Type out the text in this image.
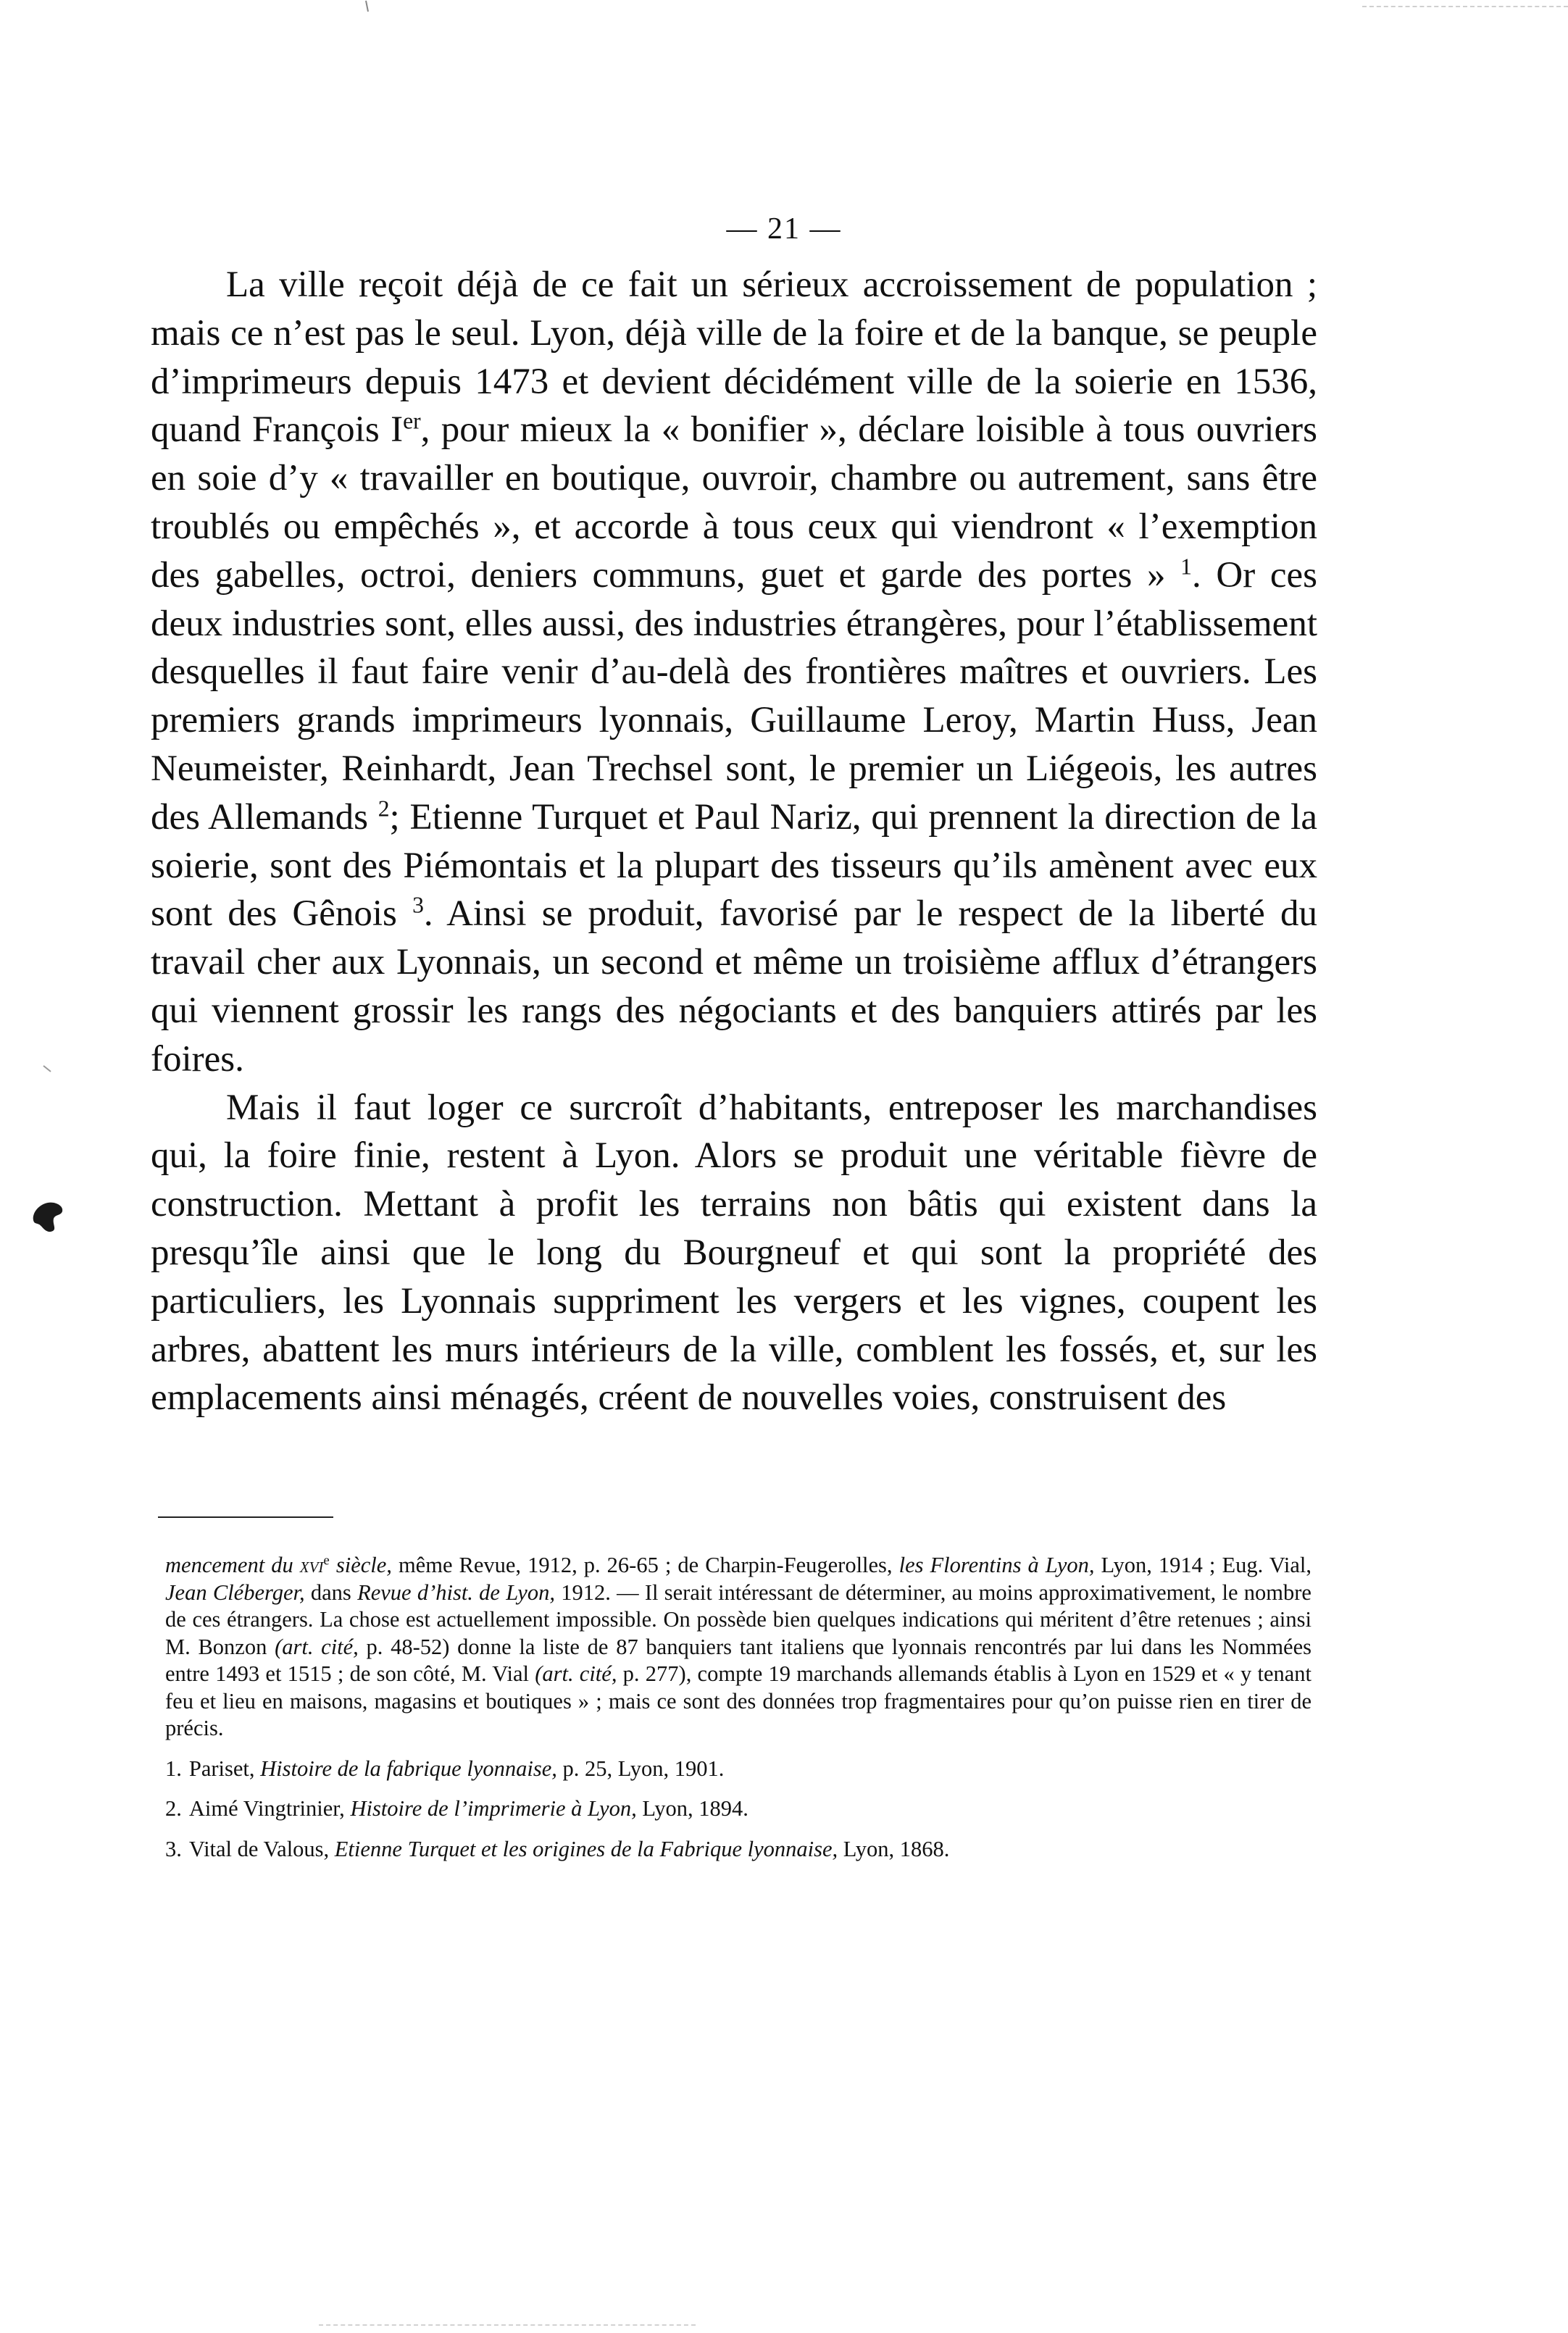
— 21 —

La ville reçoit déjà de ce fait un sérieux accroissement de population ; mais ce n’est pas le seul. Lyon, déjà ville de la foire et de la banque, se peuple d’imprimeurs depuis 1473 et devient décidément ville de la soierie en 1536, quand François Ier, pour mieux la « bonifier », déclare loisible à tous ouvriers en soie d’y « travailler en boutique, ouvroir, chambre ou autrement, sans être troublés ou empêchés », et accorde à tous ceux qui viendront « l’exemption des gabelles, octroi, deniers communs, guet et garde des portes » $^1$. Or ces deux industries sont, elles aussi, des industries étrangères, pour l’établissement desquelles il faut faire venir d’au-delà des frontières maîtres et ouvriers. Les premiers grands imprimeurs lyonnais, Guillaume Leroy, Martin Huss, Jean Neumeister, Reinhardt, Jean Trechsel sont, le premier un Liégeois, les autres des Allemands $^2$; Etienne Turquet et Paul Nariz, qui prennent la direction de la soierie, sont des Piémontais et la plupart des tisseurs qu’ils amènent avec eux sont des Gênois $^3$. Ainsi se produit, favorisé par le respect de la liberté du travail cher aux Lyonnais, un second et même un troisième afflux d’étrangers qui viennent grossir les rangs des négociants et des banquiers attirés par les foires.

Mais il faut loger ce surcroît d’habitants, entreposer les marchandises qui, la foire finie, restent à Lyon. Alors se produit une véritable fièvre de construction. Mettant à profit les terrains non bâtis qui existent dans la presqu’île ainsi que le long du Bourgneuf et qui sont la propriété des particuliers, les Lyonnais suppriment les vergers et les vignes, coupent les arbres, abattent les murs intérieurs de la ville, comblent les fossés, et, sur les emplacements ainsi ménagés, créent de nouvelles voies, construisent des

mencement du xvi$^e$ siècle, même Revue, 1912, p. 26-65 ; de Charpin-Feugerolles, les Florentins à Lyon, Lyon, 1914 ; Eug. Vial, Jean Cléberger, dans Revue d’hist. de Lyon, 1912. — Il serait intéressant de déterminer, au moins approximativement, le nombre de ces étrangers. La chose est actuellement impossible. On possède bien quelques indications qui méritent d’être retenues ; ainsi M. Bonzon (art. cité, p. 48-52) donne la liste de 87 banquiers tant italiens que lyonnais rencontrés par lui dans les Nommées entre 1493 et 1515 ; de son côté, M. Vial (art. cité, p. 277), compte 19 marchands allemands établis à Lyon en 1529 et « y tenant feu et lieu en maisons, magasins et boutiques » ; mais ce sont des données trop fragmentaires pour qu’on puisse rien en tirer de précis.

1. Pariset, Histoire de la fabrique lyonnaise, p. 25, Lyon, 1901.

2. Aimé Vingtrinier, Histoire de l’imprimerie à Lyon, Lyon, 1894.

3. Vital de Valous, Etienne Turquet et les origines de la Fabrique lyonnaise, Lyon, 1868.
